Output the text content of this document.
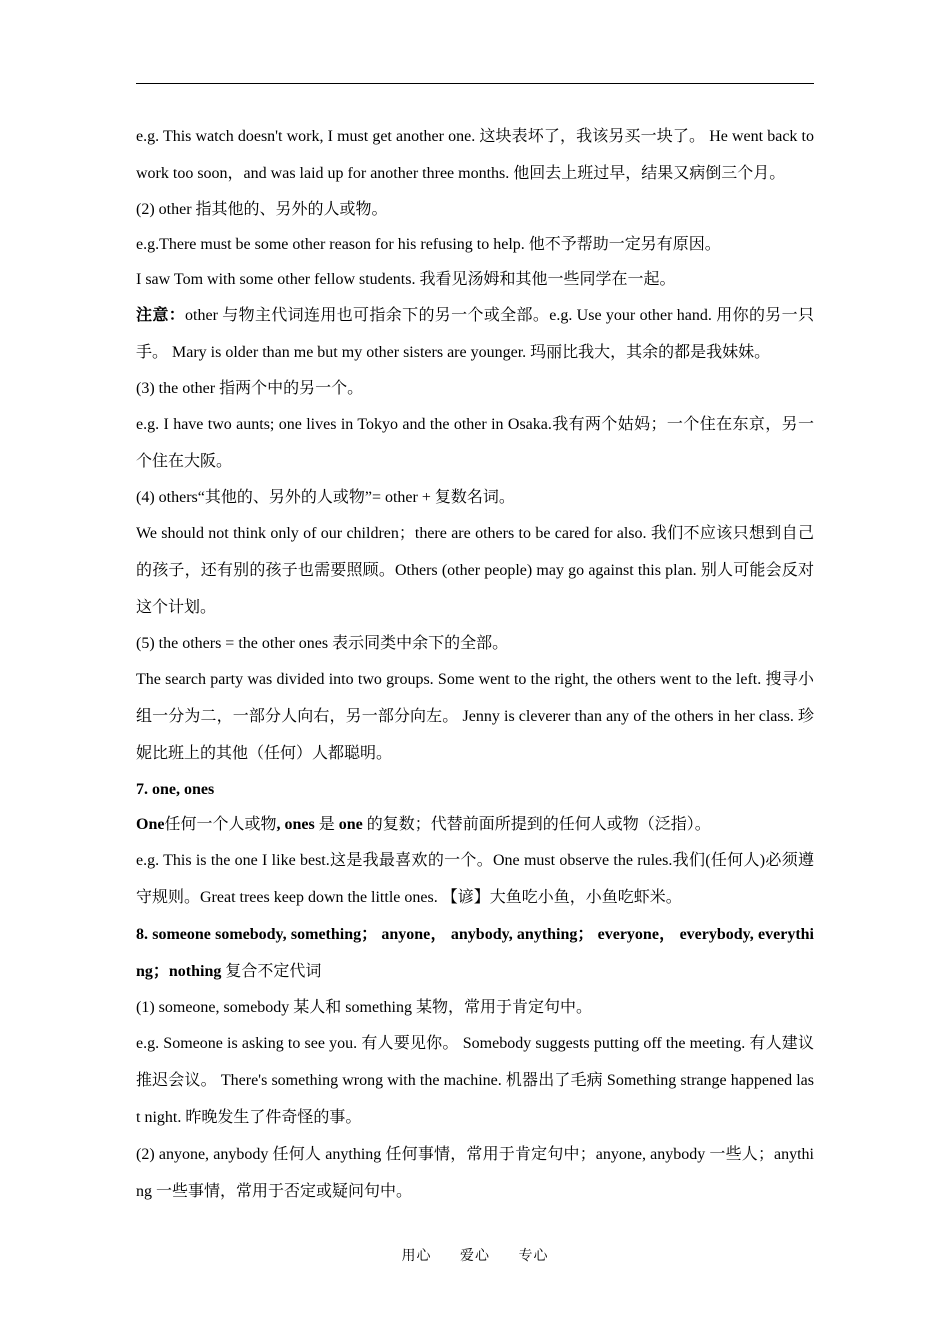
e.g. This watch doesn't work, I must get another one. 这块表坏了，我该另买一块了。 He went back to work too soon，and was laid up for another three months. 他回去上班过早，结果又病倒三个月。

(2) other 指其他的、另外的人或物。

e.g.There must be some other reason for his refusing to help. 他不予帮助一定另有原因。

I saw Tom with some other fellow students. 我看见汤姆和其他一些同学在一起。

注意：other 与物主代词连用也可指余下的另一个或全部。e.g. Use your other hand. 用你的另一只手。 Mary is older than me but my other sisters are younger. 玛丽比我大，其余的都是我妹妹。

(3) the other 指两个中的另一个。

e.g. I have two aunts; one lives in Tokyo and the other in Osaka.我有两个姑妈；一个住在东京，另一个住在大阪。

(4) others“其他的、另外的人或物”= other + 复数名词。

We should not think only of our children；there are others to be cared for also. 我们不应该只想到自己的孩子，还有别的孩子也需要照顾。Others (other people) may go against this plan. 别人可能会反对这个计划。

(5) the others = the other ones 表示同类中余下的全部。

The search party was divided into two groups. Some went to the right, the others went to the left. 搜寻小组一分为二，一部分人向右，另一部分向左。 Jenny is cleverer than any of the others in her class. 珍妮比班上的其他（任何）人都聪明。

7. one, ones

One任何一个人或物, ones 是 one 的复数；代替前面所提到的任何人或物（泛指）。

e.g. This is the one I like best.这是我最喜欢的一个。One must observe the rules.我们(任何人)必须遵守规则。Great trees keep down the little ones. 【谚】大鱼吃小鱼，小鱼吃虾米。

8. someone somebody, something； anyone， anybody, anything； everyone， everybody, everything；nothing 复合不定代词

(1) someone, somebody 某人和 something 某物，常用于肯定句中。

e.g. Someone is asking to see you. 有人要见你。 Somebody suggests putting off the meeting. 有人建议推迟会议。 There's something wrong with the machine. 机器出了毛病 Something strange happened last night. 昨晚发生了件奇怪的事。

(2) anyone, anybody 任何人 anything 任何事情，常用于肯定句中；anyone, anybody 一些人；anything 一些事情，常用于否定或疑问句中。

用心 爱心 专心
